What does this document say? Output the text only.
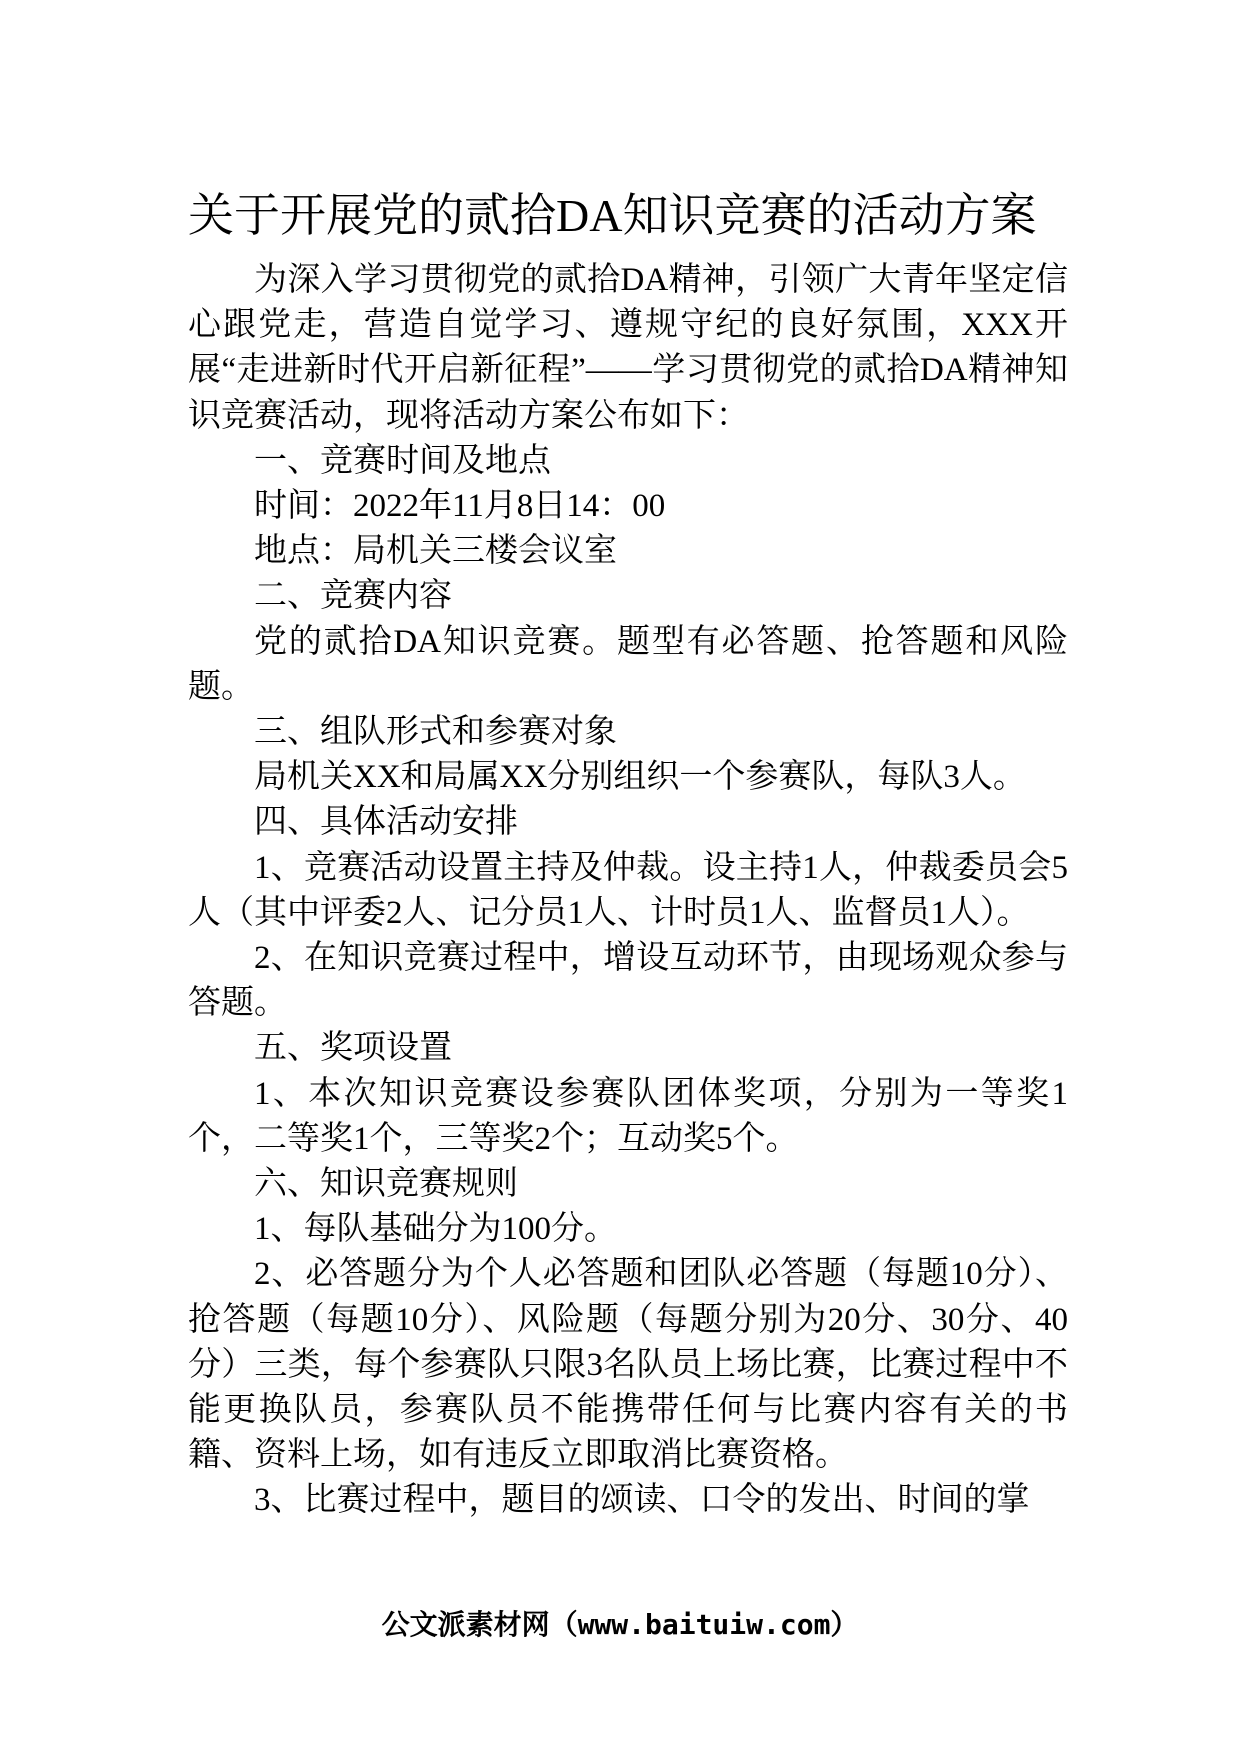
关于开展党的贰拾DA知识竞赛的活动方案

为深入学习贯彻党的贰拾DA精神，引领广大青年坚定信心跟党走，营造自觉学习、遵规守纪的良好氛围，XXX开展“走进新时代开启新征程”——学习贯彻党的贰拾DA精神知识竞赛活动，现将活动方案公布如下：

一、竞赛时间及地点

时间：2022年11月8日14：00

地点：局机关三楼会议室

二、竞赛内容

党的贰拾DA知识竞赛。题型有必答题、抢答题和风险题。

三、组队形式和参赛对象

局机关XX和局属XX分别组织一个参赛队，每队3人。

四、具体活动安排

1、竞赛活动设置主持及仲裁。设主持1人，仲裁委员会5人（其中评委2人、记分员1人、计时员1人、监督员1人）。

2、在知识竞赛过程中，增设互动环节，由现场观众参与答题。

五、奖项设置

1、本次知识竞赛设参赛队团体奖项，分别为一等奖1个，二等奖1个，三等奖2个；互动奖5个。

六、知识竞赛规则

1、每队基础分为100分。

2、必答题分为个人必答题和团队必答题（每题10分）、抢答题（每题10分）、风险题（每题分别为20分、30分、40分）三类，每个参赛队只限3名队员上场比赛，比赛过程中不能更换队员，参赛队员不能携带任何与比赛内容有关的书籍、资料上场，如有违反立即取消比赛资格。

3、比赛过程中，题目的颂读、口令的发出、时间的掌

公文派素材网（www.baituiw.com）
